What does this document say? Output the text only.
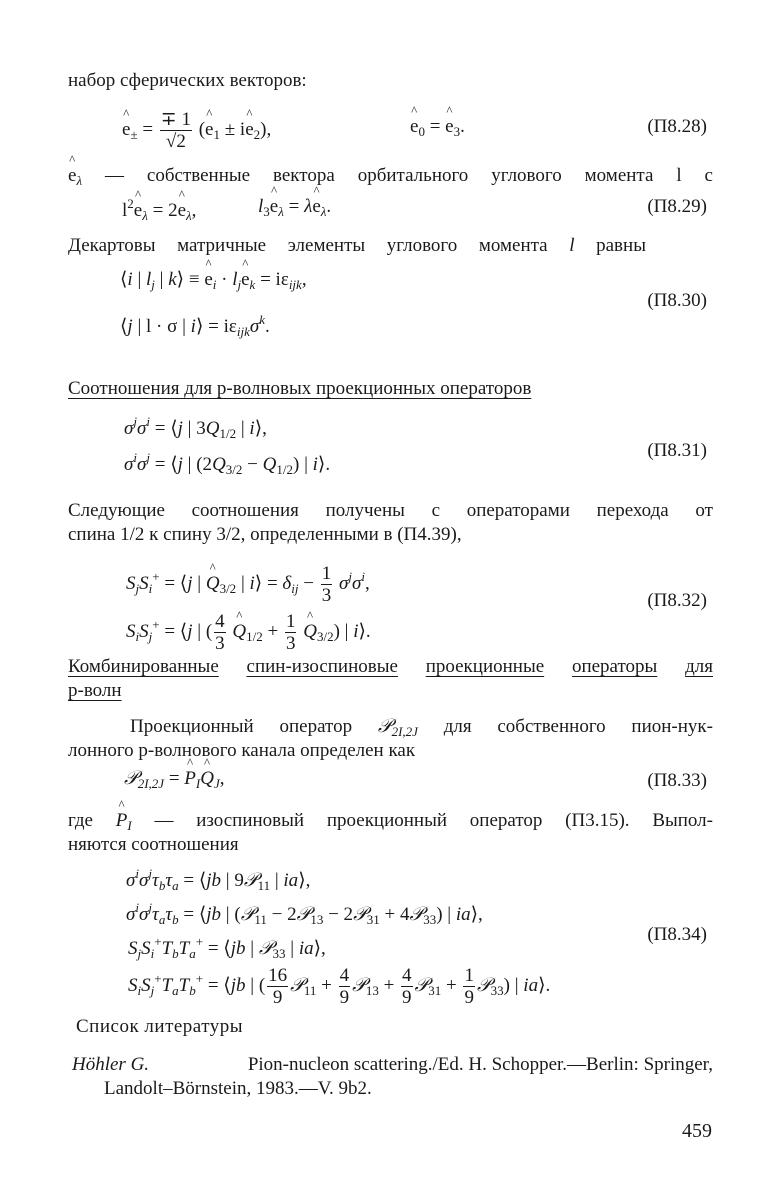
набор сферических векторов:
^ $e_\pm = \frac{\mp 1}{√2}$ (^ $e_1$ ± i^ $e_2$),	^ $e_0$ = ^ $e_3$.	(П8.28)
^ $e_\lambda$ — собственные вектора орбитального углового момента l с
$l^2\^{}$ $e_\lambda$ = 2^ $e_\lambda$,	$l_3\^{}$ $e_\lambda$ = λ^ $e_\lambda$.	(П8.29)
Декартовы матричные элементы углового момента l равны
⟨i | $l_j$ | k⟩ ≡ ^ $e_i$ · $l_j\^{}$ $e_k = i\varepsilon_{ijk}$,
⟨j | l · σ | i⟩ = $i\varepsilon_{ijk}\sigma^k$.
(П8.30)
Соотношения для p-волновых проекционных операторов
$\sigma^j\sigma^i$ = ⟨j | $3Q_{1/2}$ | i⟩,
$\sigma^i\sigma^j$ = ⟨j | $(2Q_{3/2} - Q_{1/2})$ | i⟩.
(П8.31)
Следующие соотношения получены с операторами перехода от
спина 1/2 к спину 3/2, определенными в (П4.39),
$S_jS_i^+$ = ⟨j | ^ $Q_{3/2}$ | i⟩ = $\delta_{ij} - \frac{1}{3} \sigma^j\sigma^i$,
$S_iS_j^+$ = ⟨j | ( $\frac{4}{3}$ ^ $Q_{1/2} + \frac{1}{3}$ ^ $Q_{3/2}$) | i⟩.
(П8.32)
Комбинированные спин-изоспиновые проекционные операторы для
p-волн
Проекционный оператор 𝒫$_{2I,2J}$ для собственного пион-нук-
лонного p-волнового канала определен как
𝒫$_{2I,2J}$ = ^ $P_I\^{}$ $Q_J$,	(П8.33)
где ^ $P_I$ — изоспиновый проекционный оператор (П3.15). Выпол-
няются соотношения
$\sigma^i\sigma^j\tau_b\tau_a$ = ⟨jb | 9𝒫$_{11}$ | ia⟩,
$\sigma^i\sigma^j\tau_a\tau_b$ = ⟨jb | (𝒫$_{11}$ − 2𝒫$_{13}$ − 2𝒫$_{31}$ + 4𝒫$_{33}$) | ia⟩,
$S_jS_i^+T_bT_a^+$ = ⟨jb | 𝒫$_{33}$ | ia⟩,
$S_iS_j^+T_aT_b^+$ = ⟨jb | ( $\frac{16}{9}$ 𝒫$_{11}$ + $\frac{4}{9}$ 𝒫$_{13}$ + $\frac{4}{9}$ 𝒫$_{31}$ + $\frac{1}{9}$ 𝒫$_{33}$) | ia⟩.
(П8.34)
Список литературы
Höhler G.	Pion-nucleon scattering./Ed. H. Schopper.—Berlin: Springer,
Landolt–Börnstein, 1983.—V. 9b2.
459
